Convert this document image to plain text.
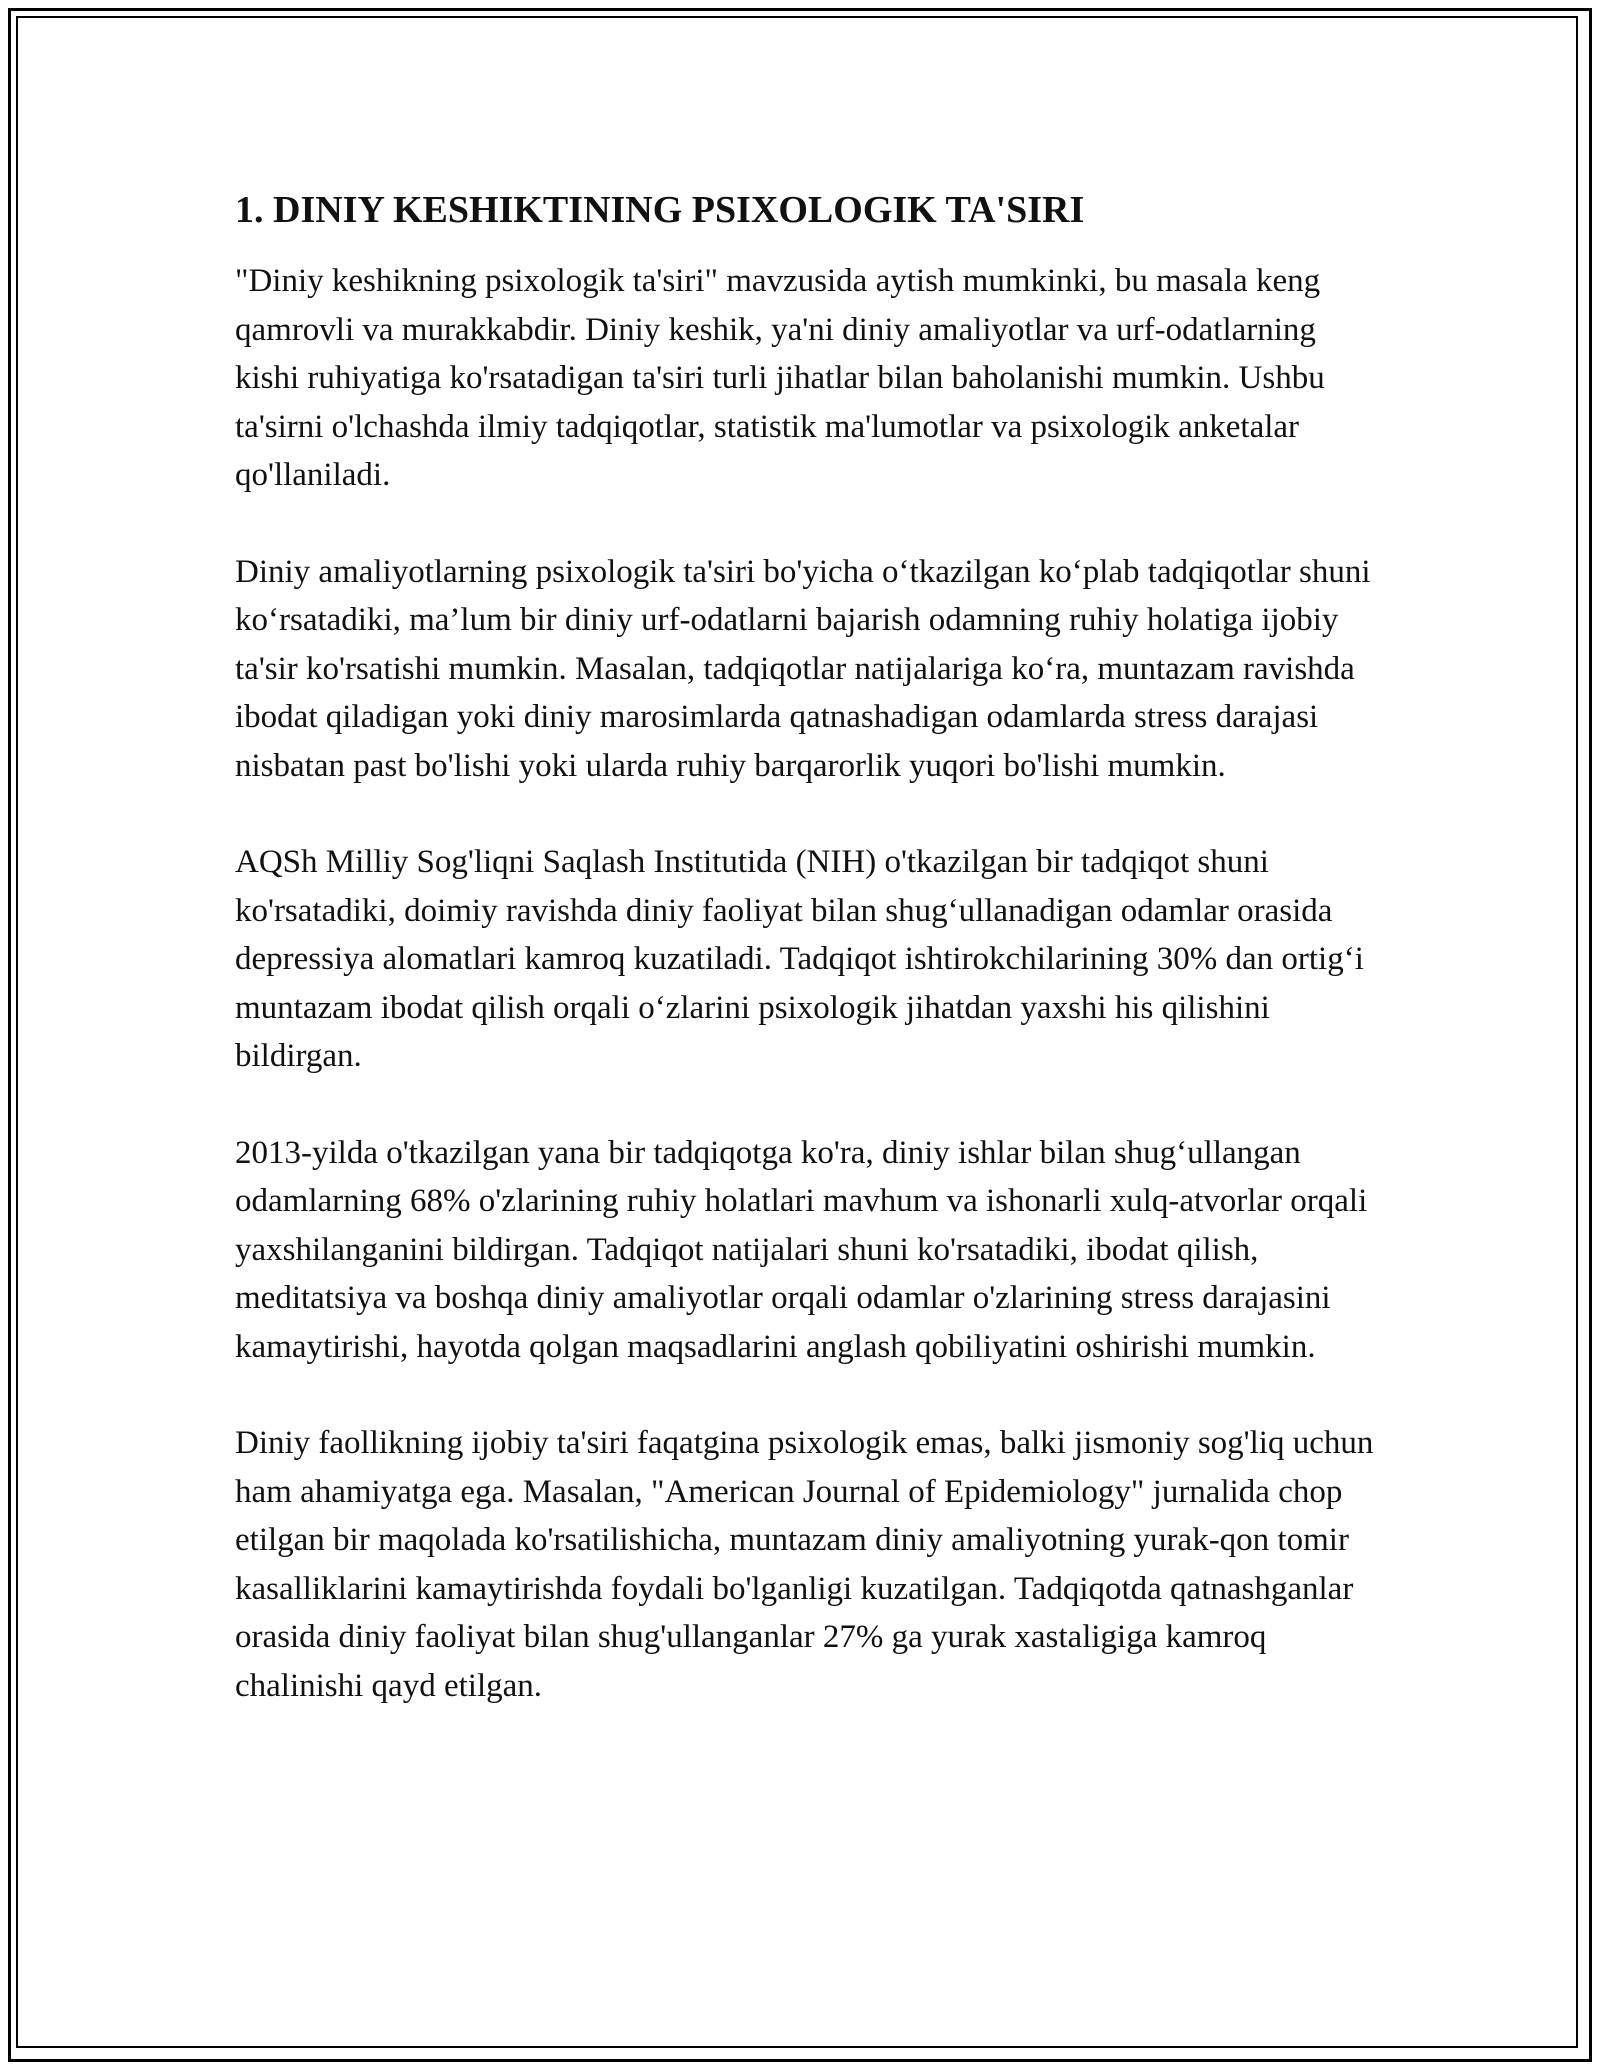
1. DINIY KESHIKTINING PSIXOLOGIK TA'SIRI

"Diniy keshikning psixologik ta'siri" mavzusida aytish mumkinki, bu masala keng qamrovli va murakkabdir. Diniy keshik, ya'ni diniy amaliyotlar va urf-odatlarning kishi ruhiyatiga ko'rsatadigan ta'siri turli jihatlar bilan baholanishi mumkin. Ushbu ta'sirni o'lchashda ilmiy tadqiqotlar, statistik ma'lumotlar va psixologik anketalar qo'llaniladi.

Diniy amaliyotlarning psixologik ta'siri bo'yicha o‘tkazilgan ko‘plab tadqiqotlar shuni ko‘rsatadiki, ma’lum bir diniy urf-odatlarni bajarish odamning ruhiy holatiga ijobiy ta'sir ko'rsatishi mumkin. Masalan, tadqiqotlar natijalariga ko‘ra, muntazam ravishda ibodat qiladigan yoki diniy marosimlarda qatnashadigan odamlarda stress darajasi nisbatan past bo'lishi yoki ularda ruhiy barqarorlik yuqori bo'lishi mumkin.

AQSh Milliy Sog'liqni Saqlash Institutida (NIH) o'tkazilgan bir tadqiqot shuni ko'rsatadiki, doimiy ravishda diniy faoliyat bilan shug‘ullanadigan odamlar orasida depressiya alomatlari kamroq kuzatiladi. Tadqiqot ishtirokchilarining 30% dan ortig‘i muntazam ibodat qilish orqali o‘zlarini psixologik jihatdan yaxshi his qilishini bildirgan.

2013-yilda o'tkazilgan yana bir tadqiqotga ko'ra, diniy ishlar bilan shug‘ullangan odamlarning 68% o'zlarining ruhiy holatlari mavhum va ishonarli xulq-atvorlar orqali yaxshilanganini bildirgan. Tadqiqot natijalari shuni ko'rsatadiki, ibodat qilish, meditatsiya va boshqa diniy amaliyotlar orqali odamlar o'zlarining stress darajasini kamaytirishi, hayotda qolgan maqsadlarini anglash qobiliyatini oshirishi mumkin.

Diniy faollikning ijobiy ta'siri faqatgina psixologik emas, balki jismoniy sog'liq uchun ham ahamiyatga ega. Masalan, "American Journal of Epidemiology" jurnalida chop etilgan bir maqolada ko'rsatilishicha, muntazam diniy amaliyotning yurak-qon tomir kasalliklarini kamaytirishda foydali bo'lganligi kuzatilgan. Tadqiqotda qatnashganlar orasida diniy faoliyat bilan shug'ullanganlar 27% ga yurak xastaligiga kamroq chalinishi qayd etilgan.
